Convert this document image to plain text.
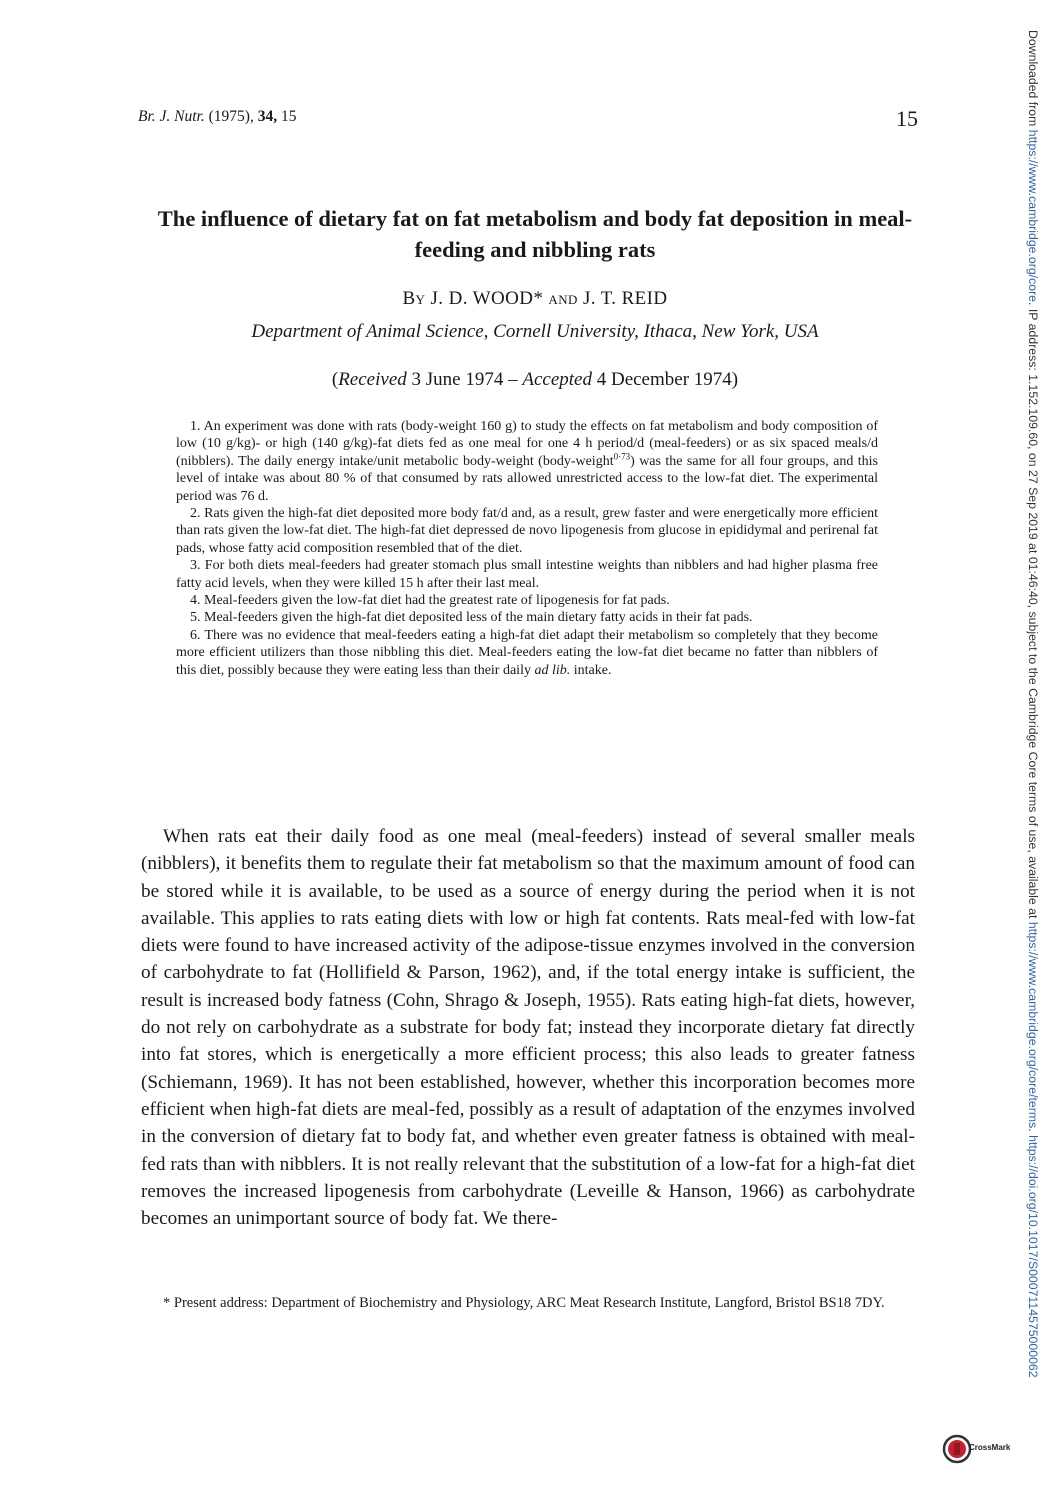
Br. J. Nutr. (1975), 34, 15	15
The influence of dietary fat on fat metabolism and body fat deposition in meal-feeding and nibbling rats
By J. D. WOOD* and J. T. REID
Department of Animal Science, Cornell University, Ithaca, New York, USA
(Received 3 June 1974 – Accepted 4 December 1974)

1. An experiment was done with rats (body-weight 160 g) to study the effects on fat metabolism and body composition of low (10 g/kg)- or high (140 g/kg)-fat diets fed as one meal for one 4 h period/d (meal-feeders) or as six spaced meals/d (nibblers). The daily energy intake/unit metabolic body-weight (body-weight$^{0\cdot 73}$) was the same for all four groups, and this level of intake was about 80 % of that consumed by rats allowed unrestricted access to the low-fat diet. The experimental period was 76 d.

2. Rats given the high-fat diet deposited more body fat/d and, as a result, grew faster and were energetically more efficient than rats given the low-fat diet. The high-fat diet depressed de novo lipogenesis from glucose in epididymal and perirenal fat pads, whose fatty acid composition resembled that of the diet.

3. For both diets meal-feeders had greater stomach plus small intestine weights than nibblers and had higher plasma free fatty acid levels, when they were killed 15 h after their last meal.

4. Meal-feeders given the low-fat diet had the greatest rate of lipogenesis for fat pads.

5. Meal-feeders given the high-fat diet deposited less of the main dietary fatty acids in their fat pads.

6. There was no evidence that meal-feeders eating a high-fat diet adapt their metabolism so completely that they become more efficient utilizers than those nibbling this diet. Meal-feeders eating the low-fat diet became no fatter than nibblers of this diet, possibly because they were eating less than their daily ad lib. intake.

When rats eat their daily food as one meal (meal-feeders) instead of several smaller meals (nibblers), it benefits them to regulate their fat metabolism so that the maximum amount of food can be stored while it is available, to be used as a source of energy during the period when it is not available. This applies to rats eating diets with low or high fat contents. Rats meal-fed with low-fat diets were found to have increased activity of the adipose-tissue enzymes involved in the conversion of carbohydrate to fat (Hollifield & Parson, 1962), and, if the total energy intake is sufficient, the result is increased body fatness (Cohn, Shrago & Joseph, 1955). Rats eating high-fat diets, however, do not rely on carbohydrate as a substrate for body fat; instead they incorporate dietary fat directly into fat stores, which is energetically a more efficient process; this also leads to greater fatness (Schiemann, 1969). It has not been established, however, whether this incorporation becomes more efficient when high-fat diets are meal-fed, possibly as a result of adaptation of the enzymes involved in the conversion of dietary fat to body fat, and whether even greater fatness is obtained with meal-fed rats than with nibblers. It is not really relevant that the substitution of a low-fat for a high-fat diet removes the increased lipogenesis from carbohydrate (Leveille & Hanson, 1966) as carbohydrate becomes an unimportant source of body fat. We there-

* Present address: Department of Biochemistry and Physiology, ARC Meat Research Institute, Langford, Bristol BS18 7DY.

Downloaded from https://www.cambridge.org/core. IP address: 1.152.109.60, on 27 Sep 2019 at 01:46:40, subject to the Cambridge Core terms of use, available at https://www.cambridge.org/core/terms. https://doi.org/10.1017/S0007114575000062
CrossMark
